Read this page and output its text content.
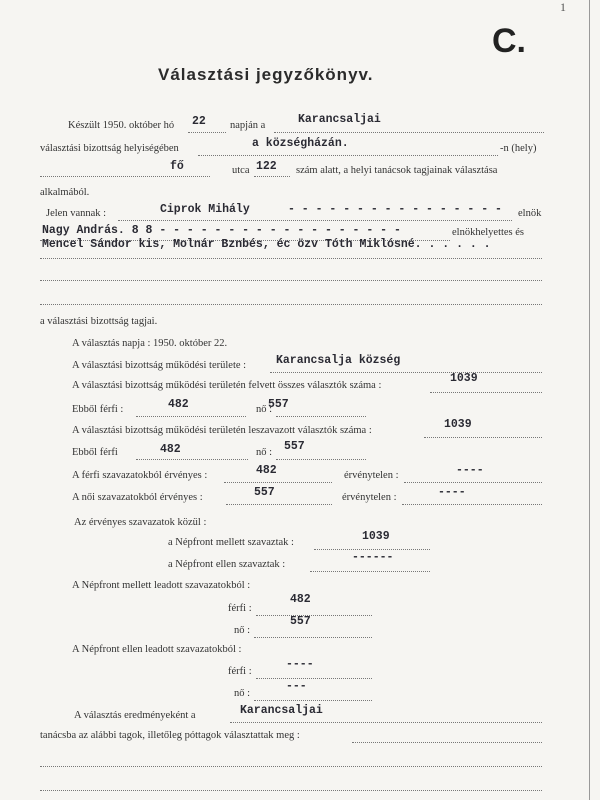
1
C.
Választási jegyzőkönyv.
Készült 1950. október hó 22 napján a	Karancsaljai
választási bizottság helyiségében	a községházán.	-n (hely)
fő	utca 122 szám alatt, a helyi tanácsok tagjainak választása
alkalmából.
Jelen vannak :	Ciprok Mihály	- - - - - - - - - - - - - - - - elnök
Nagy András. 8 8 - - - - - - - - - - - - - - - - - -	elnökhelyettes és
Mencel Sándor kis, Molnár Bznbés, éc özv Tóth Miklósné. . . . . .
a választási bizottság tagjai.
A választás napja : 1950. október 22.
A választási bizottság működési területe :	Karancsalja község
A választási bizottság működési területén felvett összes választók száma :
1039
Ebből férfi :	482	nő :
557
A választási bizottság működési területén leszavazott választók száma :	1039
Ebből férfi	482	nő : 557
A férfi szavazatokból érvényes :	482	érvénytelen :	----
A női szavazatokból érvényes :	557	érvénytelen :	----
Az érvényes szavazatok közül :
a Népfront mellett szavaztak :	1039
a Népfront ellen szavaztak :
------
A Népfront mellett leadott szavazatokból :
férfi :
482
nő :
557
A Népfront ellen leadott szavazatokból :
férfi :
----
nő :
---
A választás eredményeként a	Karancsaljai
tanácsba az alábbi tagok, illetőleg póttagok választattak meg :
